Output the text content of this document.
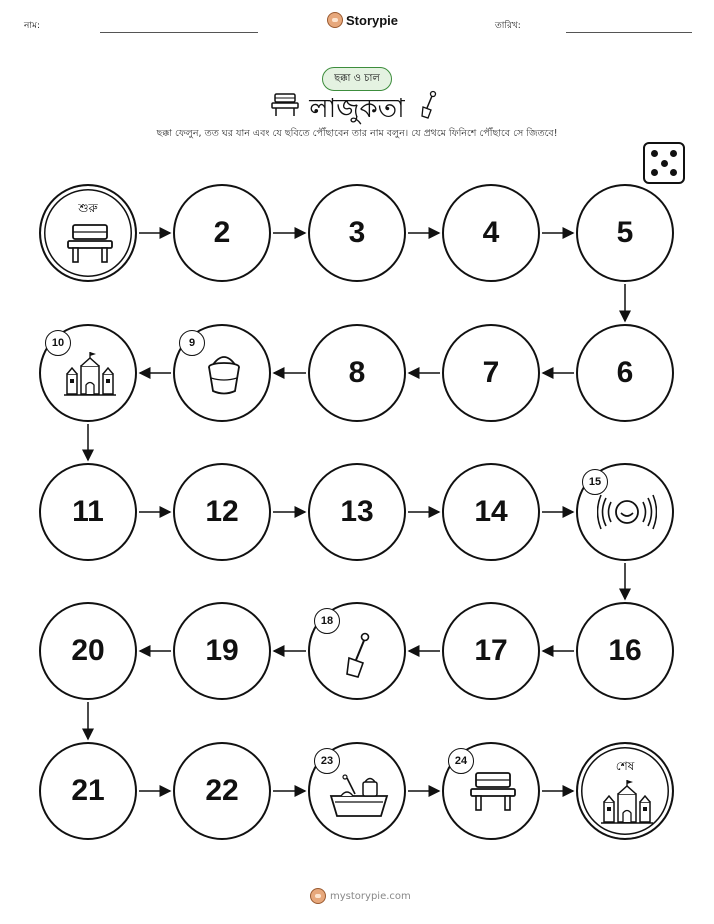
নাম:	Storypie	তারিখ:
ছক্কা ও চাল
লাজুকতা
ছক্কা ফেলুন, তত ঘর যান এবং যে ছবিতে পৌঁছাবেন তার নাম বলুন। যে প্রথমে ফিনিশে পৌঁছাবে সে জিতবে!
শুরু
2	3	4	5
6
7
8
9
10
11	12	13	14
15
16
17
18
19
20
21	22
23	24	শেষ
mystorypie.com
